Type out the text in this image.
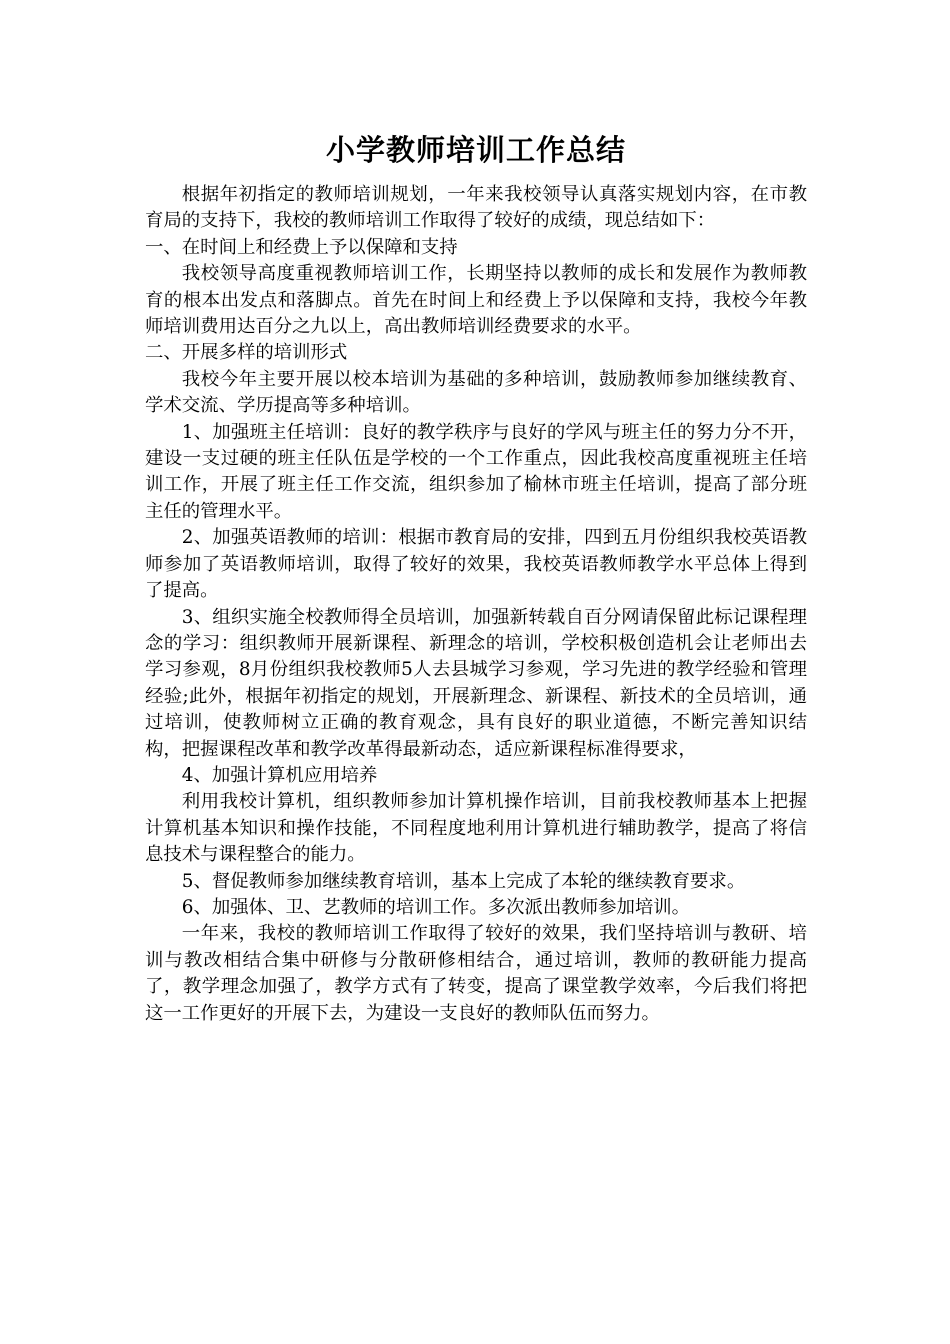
小学教师培训工作总结

根据年初指定的教师培训规划，一年来我校领导认真落实规划内容，在市教育局的支持下，我校的教师培训工作取得了较好的成绩，现总结如下：

一、在时间上和经费上予以保障和支持

我校领导高度重视教师培训工作，长期坚持以教师的成长和发展作为教师教育的根本出发点和落脚点。首先在时间上和经费上予以保障和支持，我校今年教师培训费用达百分之九以上，高出教师培训经费要求的水平。

二、开展多样的培训形式

我校今年主要开展以校本培训为基础的多种培训，鼓励教师参加继续教育、学术交流、学历提高等多种培训。

1、加强班主任培训：良好的教学秩序与良好的学风与班主任的努力分不开，建设一支过硬的班主任队伍是学校的一个工作重点，因此我校高度重视班主任培训工作，开展了班主任工作交流，组织参加了榆林市班主任培训，提高了部分班主任的管理水平。

2、加强英语教师的培训：根据市教育局的安排，四到五月份组织我校英语教师参加了英语教师培训，取得了较好的效果，我校英语教师教学水平总体上得到了提高。

3、组织实施全校教师得全员培训，加强新转载自百分网请保留此标记课程理念的学习：组织教师开展新课程、新理念的培训，学校积极创造机会让老师出去学习参观，8月份组织我校教师5人去县城学习参观，学习先进的教学经验和管理经验;此外，根据年初指定的规划，开展新理念、新课程、新技术的全员培训，通过培训，使教师树立正确的教育观念，具有良好的职业道德，不断完善知识结构，把握课程改革和教学改革得最新动态，适应新课程标准得要求，

4、加强计算机应用培养

利用我校计算机，组织教师参加计算机操作培训，目前我校教师基本上把握计算机基本知识和操作技能，不同程度地利用计算机进行辅助教学，提高了将信息技术与课程整合的能力。

5、督促教师参加继续教育培训，基本上完成了本轮的继续教育要求。

6、加强体、卫、艺教师的培训工作。多次派出教师参加培训。

一年来，我校的教师培训工作取得了较好的效果，我们坚持培训与教研、培训与教改相结合集中研修与分散研修相结合，通过培训，教师的教研能力提高了，教学理念加强了，教学方式有了转变，提高了课堂教学效率，今后我们将把这一工作更好的开展下去，为建设一支良好的教师队伍而努力。
